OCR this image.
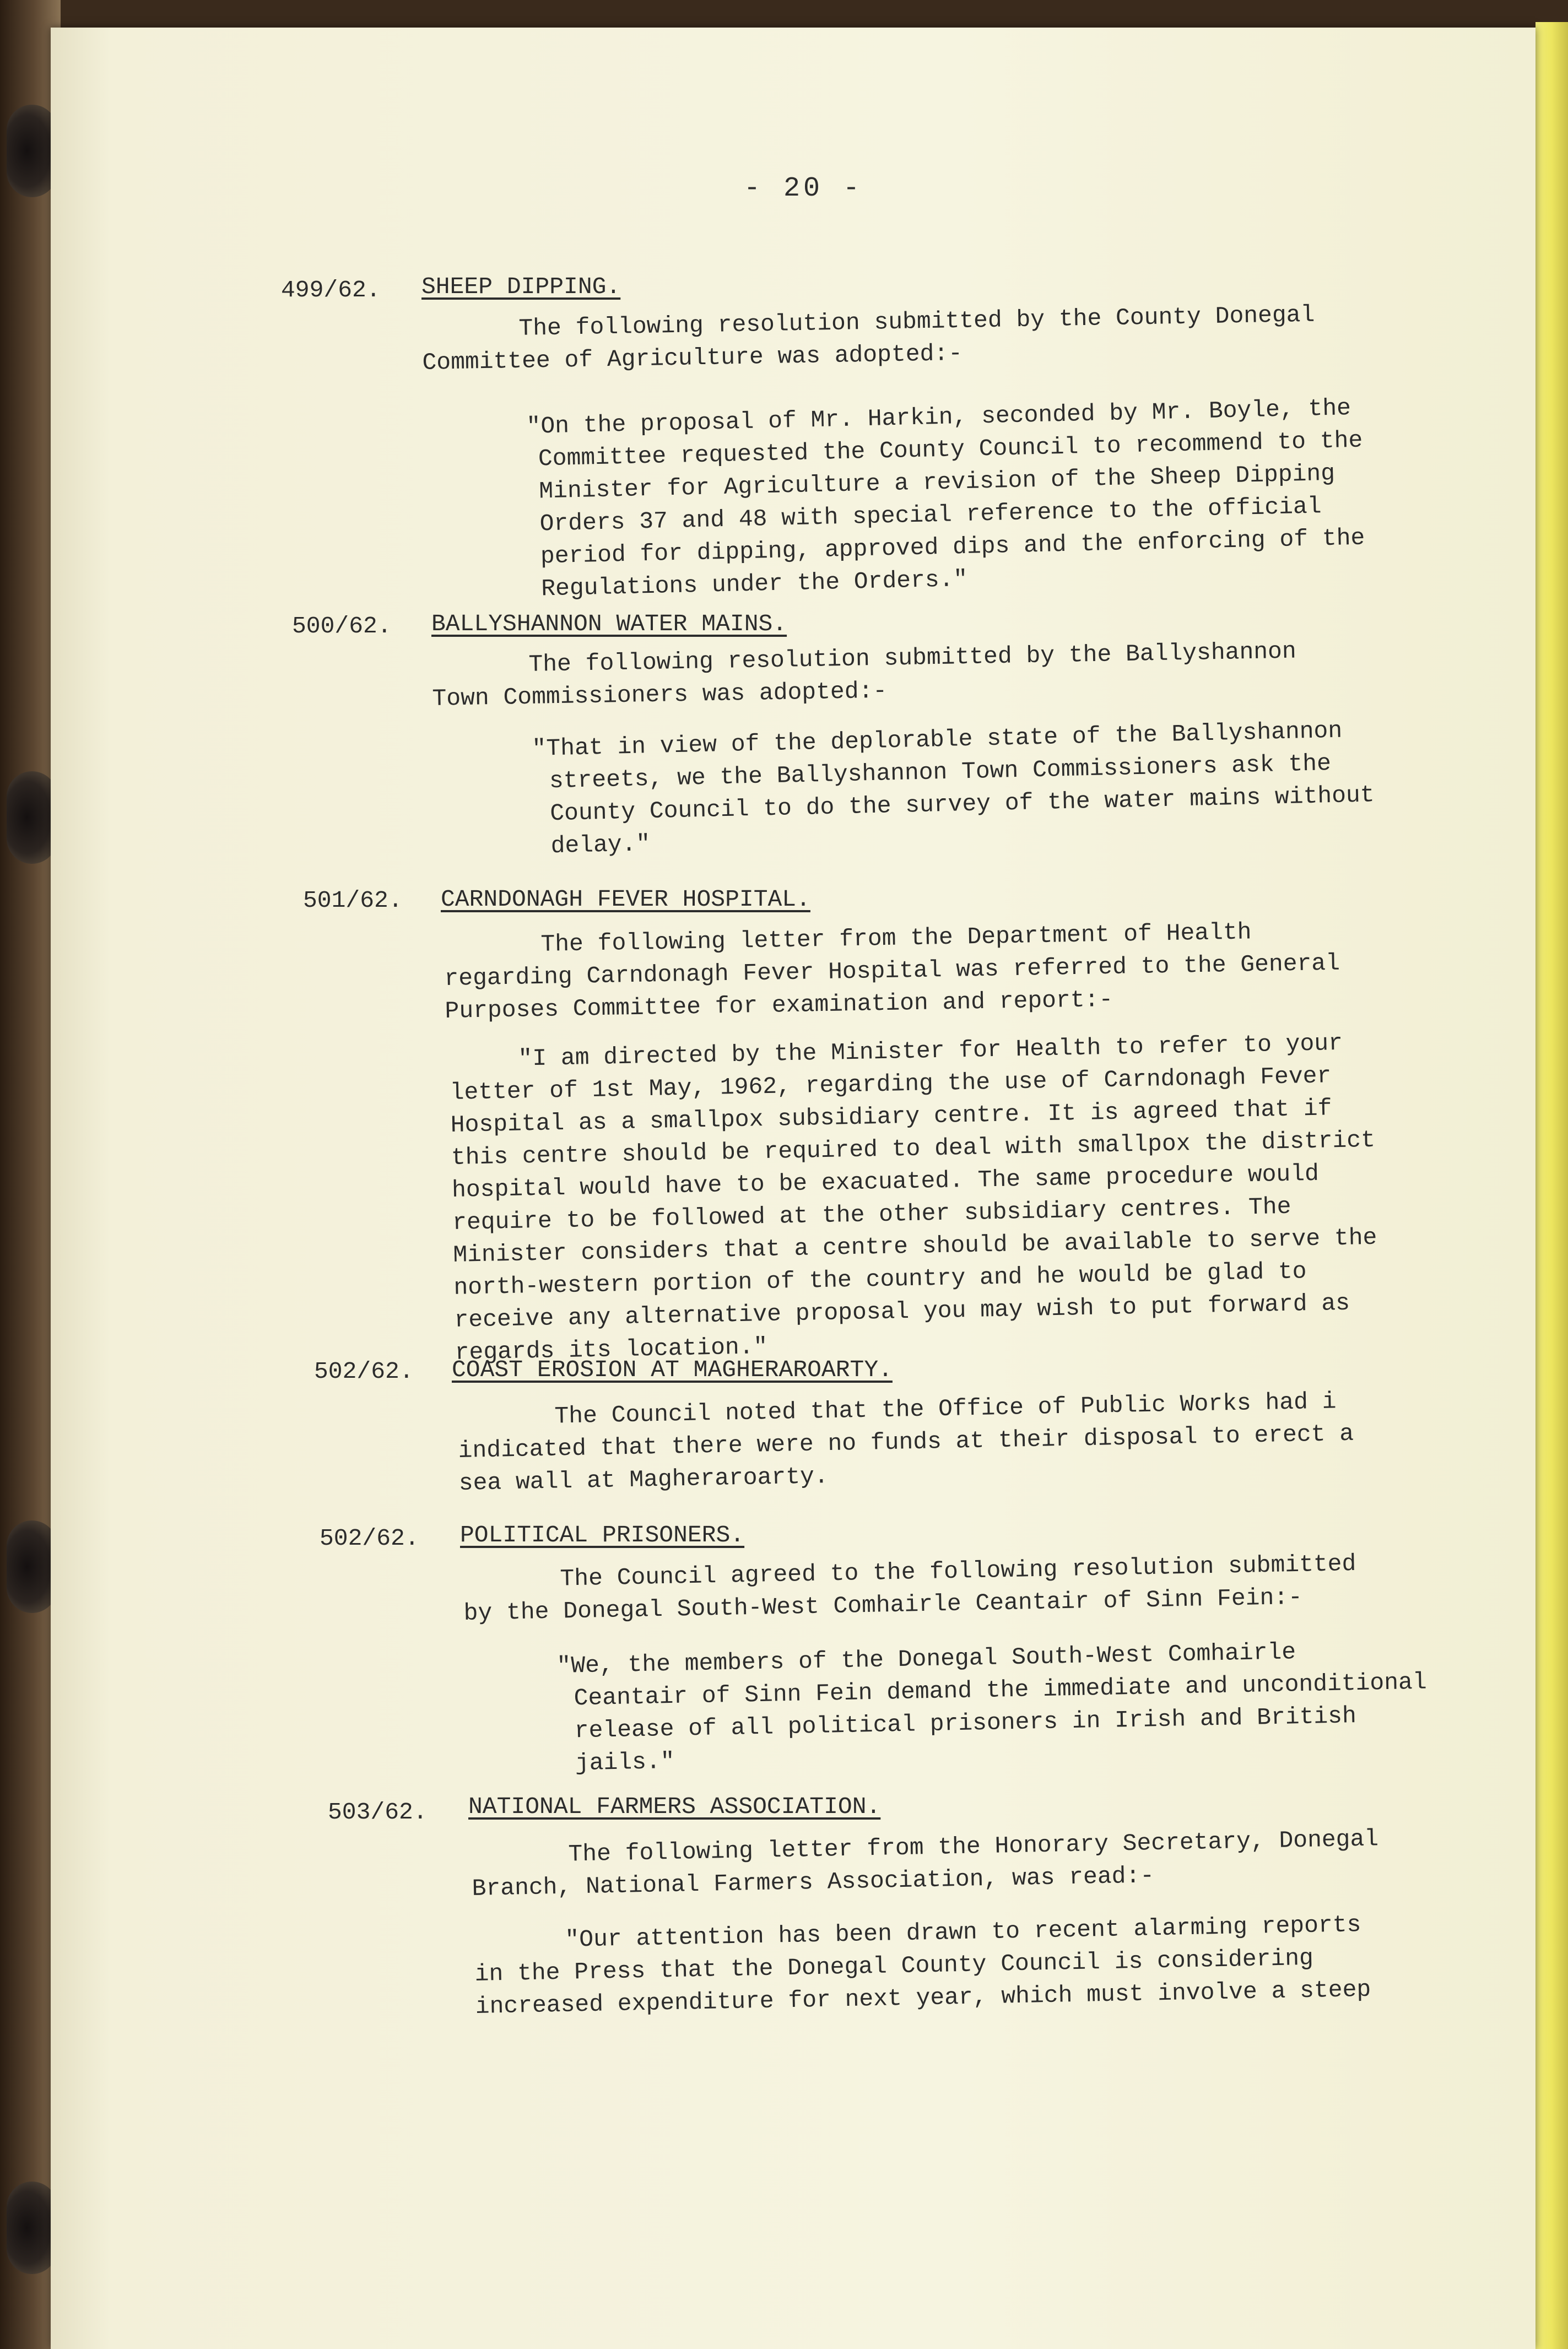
- 20 -
499/62. SHEEP DIPPING.
The following resolution submitted by the County Donegal
Committee of Agriculture was adopted:-
"On the proposal of Mr. Harkin, seconded by Mr. Boyle, the
Committee requested the County Council to recommend to the
Minister for Agriculture a revision of the Sheep Dipping
Orders 37 and 48 with special reference to the official
period for dipping, approved dips and the enforcing of the
Regulations under the Orders."
500/62. BALLYSHANNON WATER MAINS.
The following resolution submitted by the Ballyshannon
Town Commissioners was adopted:-
"That in view of the deplorable state of the Ballyshannon
streets, we the Ballyshannon Town Commissioners ask the
County Council to do the survey of the water mains without
delay."
501/62. CARNDONAGH FEVER HOSPITAL.
The following letter from the Department of Health
regarding Carndonagh Fever Hospital was referred to the General
Purposes Committee for examination and report:-
"I am directed by the Minister for Health to refer to your
letter of 1st May, 1962, regarding the use of Carndonagh Fever
Hospital as a smallpox subsidiary centre. It is agreed that if
this centre should be required to deal with smallpox the district
hospital would have to be exacuated. The same procedure would
require to be followed at the other subsidiary centres. The
Minister considers that a centre should be available to serve the
north-western portion of the country and he would be glad to
receive any alternative proposal you may wish to put forward as
regards its location."
502/62. COAST EROSION AT MAGHERAROARTY.
The Council noted that the Office of Public Works had i
indicated that there were no funds at their disposal to erect a
sea wall at Magheraroarty.
502/62. POLITICAL PRISONERS.
The Council agreed to the following resolution submitted
by the Donegal South-West Comhairle Ceantair of Sinn Fein:-
"We, the members of the Donegal South-West Comhairle
Ceantair of Sinn Fein demand the immediate and unconditional
release of all political prisoners in Irish and British
jails."
503/62. NATIONAL FARMERS ASSOCIATION.
The following letter from the Honorary Secretary, Donegal
Branch, National Farmers Association, was read:-
"Our attention has been drawn to recent alarming reports
in the Press that the Donegal County Council is considering
increased expenditure for next year, which must involve a steep
